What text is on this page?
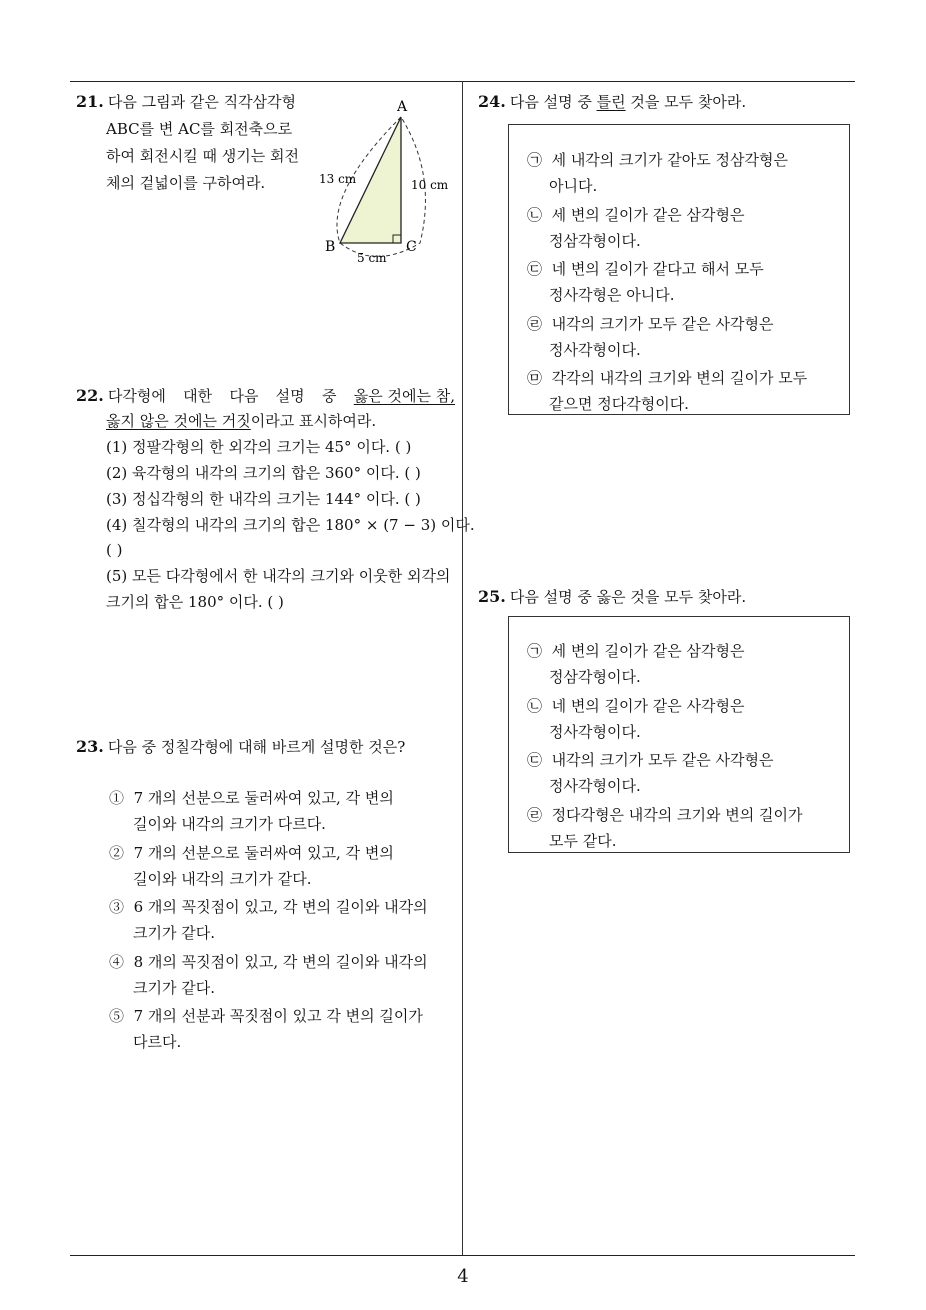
4
21. 다음 그림과 같은 직각삼각형
ABC를 변 AC를 회전축으로
하여 회전시킬 때 생기는 회전
체의 겉넓이를 구하여라.
A
B	C
13 cm	10 cm
5 cm
22. 다각형에 대한 다음 설명 중 옳은 것에는 참,
옳지 않은 것에는 거짓이라고 표시하여라.
(1) 정팔각형의 한 외각의 크기는 45° 이다. ( )
(2) 육각형의 내각의 크기의 합은 360° 이다. ( )
(3) 정십각형의 한 내각의 크기는 144° 이다. ( )
(4) 칠각형의 내각의 크기의 합은 180° × (7 − 3) 이다.
( )
(5) 모든 다각형에서 한 내각의 크기와 이웃한 외각의
크기의 합은 180° 이다. ( )
23. 다음 중 정칠각형에 대해 바르게 설명한 것은?
① 7 개의 선분으로 둘러싸여 있고, 각 변의
길이와 내각의 크기가 다르다.
② 7 개의 선분으로 둘러싸여 있고, 각 변의
길이와 내각의 크기가 같다.
③ 6 개의 꼭짓점이 있고, 각 변의 길이와 내각의
크기가 같다.
④ 8 개의 꼭짓점이 있고, 각 변의 길이와 내각의
크기가 같다.
⑤ 7 개의 선분과 꼭짓점이 있고 각 변의 길이가
다르다.
24. 다음 설명 중 틀린 것을 모두 찾아라.
㉠ 세 내각의 크기가 같아도 정삼각형은
아니다.
㉡ 세 변의 길이가 같은 삼각형은
정삼각형이다.
㉢ 네 변의 길이가 같다고 해서 모두
정사각형은 아니다.
㉣ 내각의 크기가 모두 같은 사각형은
정사각형이다.
㉤ 각각의 내각의 크기와 변의 길이가 모두
같으면 정다각형이다.
25. 다음 설명 중 옳은 것을 모두 찾아라.
㉠ 세 변의 길이가 같은 삼각형은
정삼각형이다.
㉡ 네 변의 길이가 같은 사각형은
정사각형이다.
㉢ 내각의 크기가 모두 같은 사각형은
정사각형이다.
㉣ 정다각형은 내각의 크기와 변의 길이가
모두 같다.
